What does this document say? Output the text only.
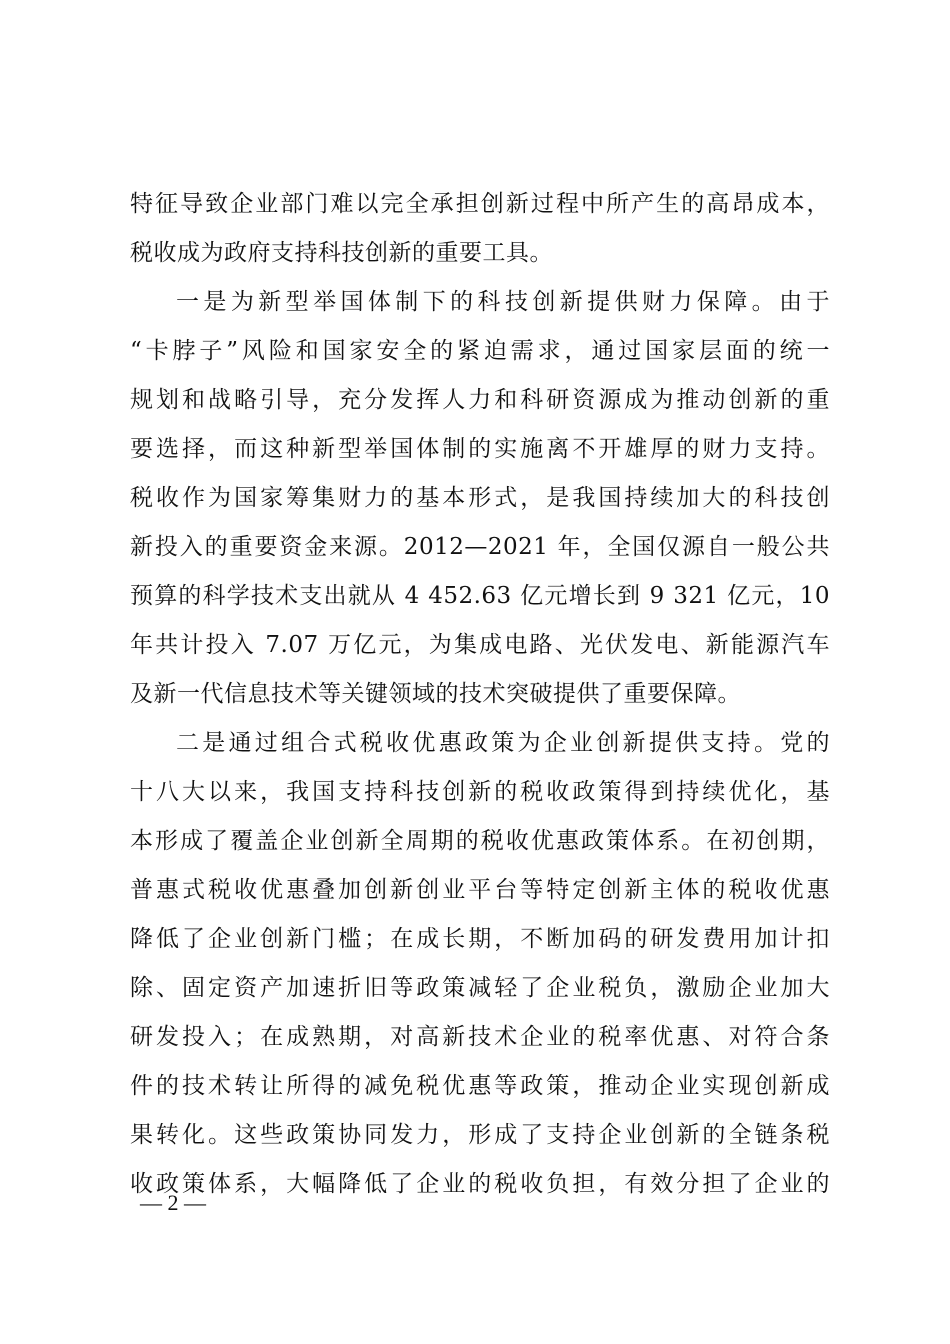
特征导致企业部门难以完全承担创新过程中所产生的高昂成本，
税收成为政府支持科技创新的重要工具。
一是为新型举国体制下的科技创新提供财力保障。由于
“卡脖子”风险和国家安全的紧迫需求，通过国家层面的统一
规划和战略引导，充分发挥人力和科研资源成为推动创新的重
要选择，而这种新型举国体制的实施离不开雄厚的财力支持。
税收作为国家筹集财力的基本形式，是我国持续加大的科技创
新投入的重要资金来源。2012—2021 年，全国仅源自一般公共
预算的科学技术支出就从 4 452.63 亿元增长到 9 321 亿元，10
年共计投入 7.07 万亿元，为集成电路、光伏发电、新能源汽车
及新一代信息技术等关键领域的技术突破提供了重要保障。
二是通过组合式税收优惠政策为企业创新提供支持。党的
十八大以来，我国支持科技创新的税收政策得到持续优化，基
本形成了覆盖企业创新全周期的税收优惠政策体系。在初创期，
普惠式税收优惠叠加创新创业平台等特定创新主体的税收优惠
降低了企业创新门槛；在成长期，不断加码的研发费用加计扣
除、固定资产加速折旧等政策减轻了企业税负，激励企业加大
研发投入；在成熟期，对高新技术企业的税率优惠、对符合条
件的技术转让所得的减免税优惠等政策，推动企业实现创新成
果转化。这些政策协同发力，形成了支持企业创新的全链条税
收政策体系，大幅降低了企业的税收负担，有效分担了企业的
— 2 —
